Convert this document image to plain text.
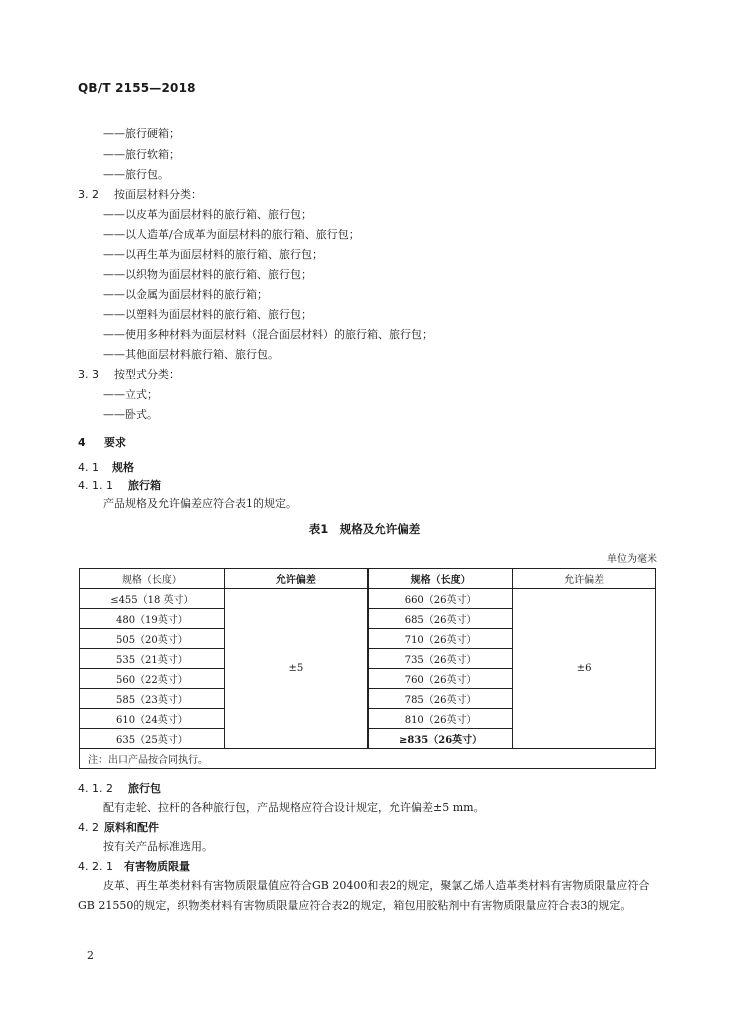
QB/T 2155—2018
——旅行硬箱；
——旅行软箱；
——旅行包。
3. 2 按面层材料分类：
——以皮革为面层材料的旅行箱、旅行包；
——以人造革/合成革为面层材料的旅行箱、旅行包；
——以再生革为面层材料的旅行箱、旅行包；
——以织物为面层材料的旅行箱、旅行包；
——以金属为面层材料的旅行箱；
——以塑料为面层材料的旅行箱、旅行包；
——使用多种材料为面层材料（混合面层材料）的旅行箱、旅行包；
——其他面层材料旅行箱、旅行包。
3. 3 按型式分类：
——立式；
——卧式。
4 要求
4. 1 规格
4. 1. 1 旅行箱
产品规格及允许偏差应符合表1的规定。
表1　规格及允许偏差
单位为毫米
规格（长度）	允许偏差	规格（长度）	允许偏差
≤455（18 英寸）	±5	660（26英寸）	±6
480（19英寸）		685（26英寸）	
505（20英寸）		710（26英寸）	
535（21英寸）		735（26英寸）	
560（22英寸）		760（26英寸）	
585（23英寸）		785（26英寸）	
610（24英寸）		810（26英寸）	
635（25英寸）		≥835（26英寸）	
注：出口产品按合同执行。			
4. 1. 2 旅行包
配有走轮、拉杆的各种旅行包，产品规格应符合设计规定，允许偏差±5 mm。
4. 2 原料和配件
按有关产品标准选用。
4. 2. 1 有害物质限量
皮革、再生革类材料有害物质限量值应符合GB 20400和表2的规定，聚氯乙烯人造革类材料有害物质限量应符合GB 21550的规定，织物类材料有害物质限量应符合表2的规定，箱包用胶粘剂中有害物质限量应符合表3的规定。
2
